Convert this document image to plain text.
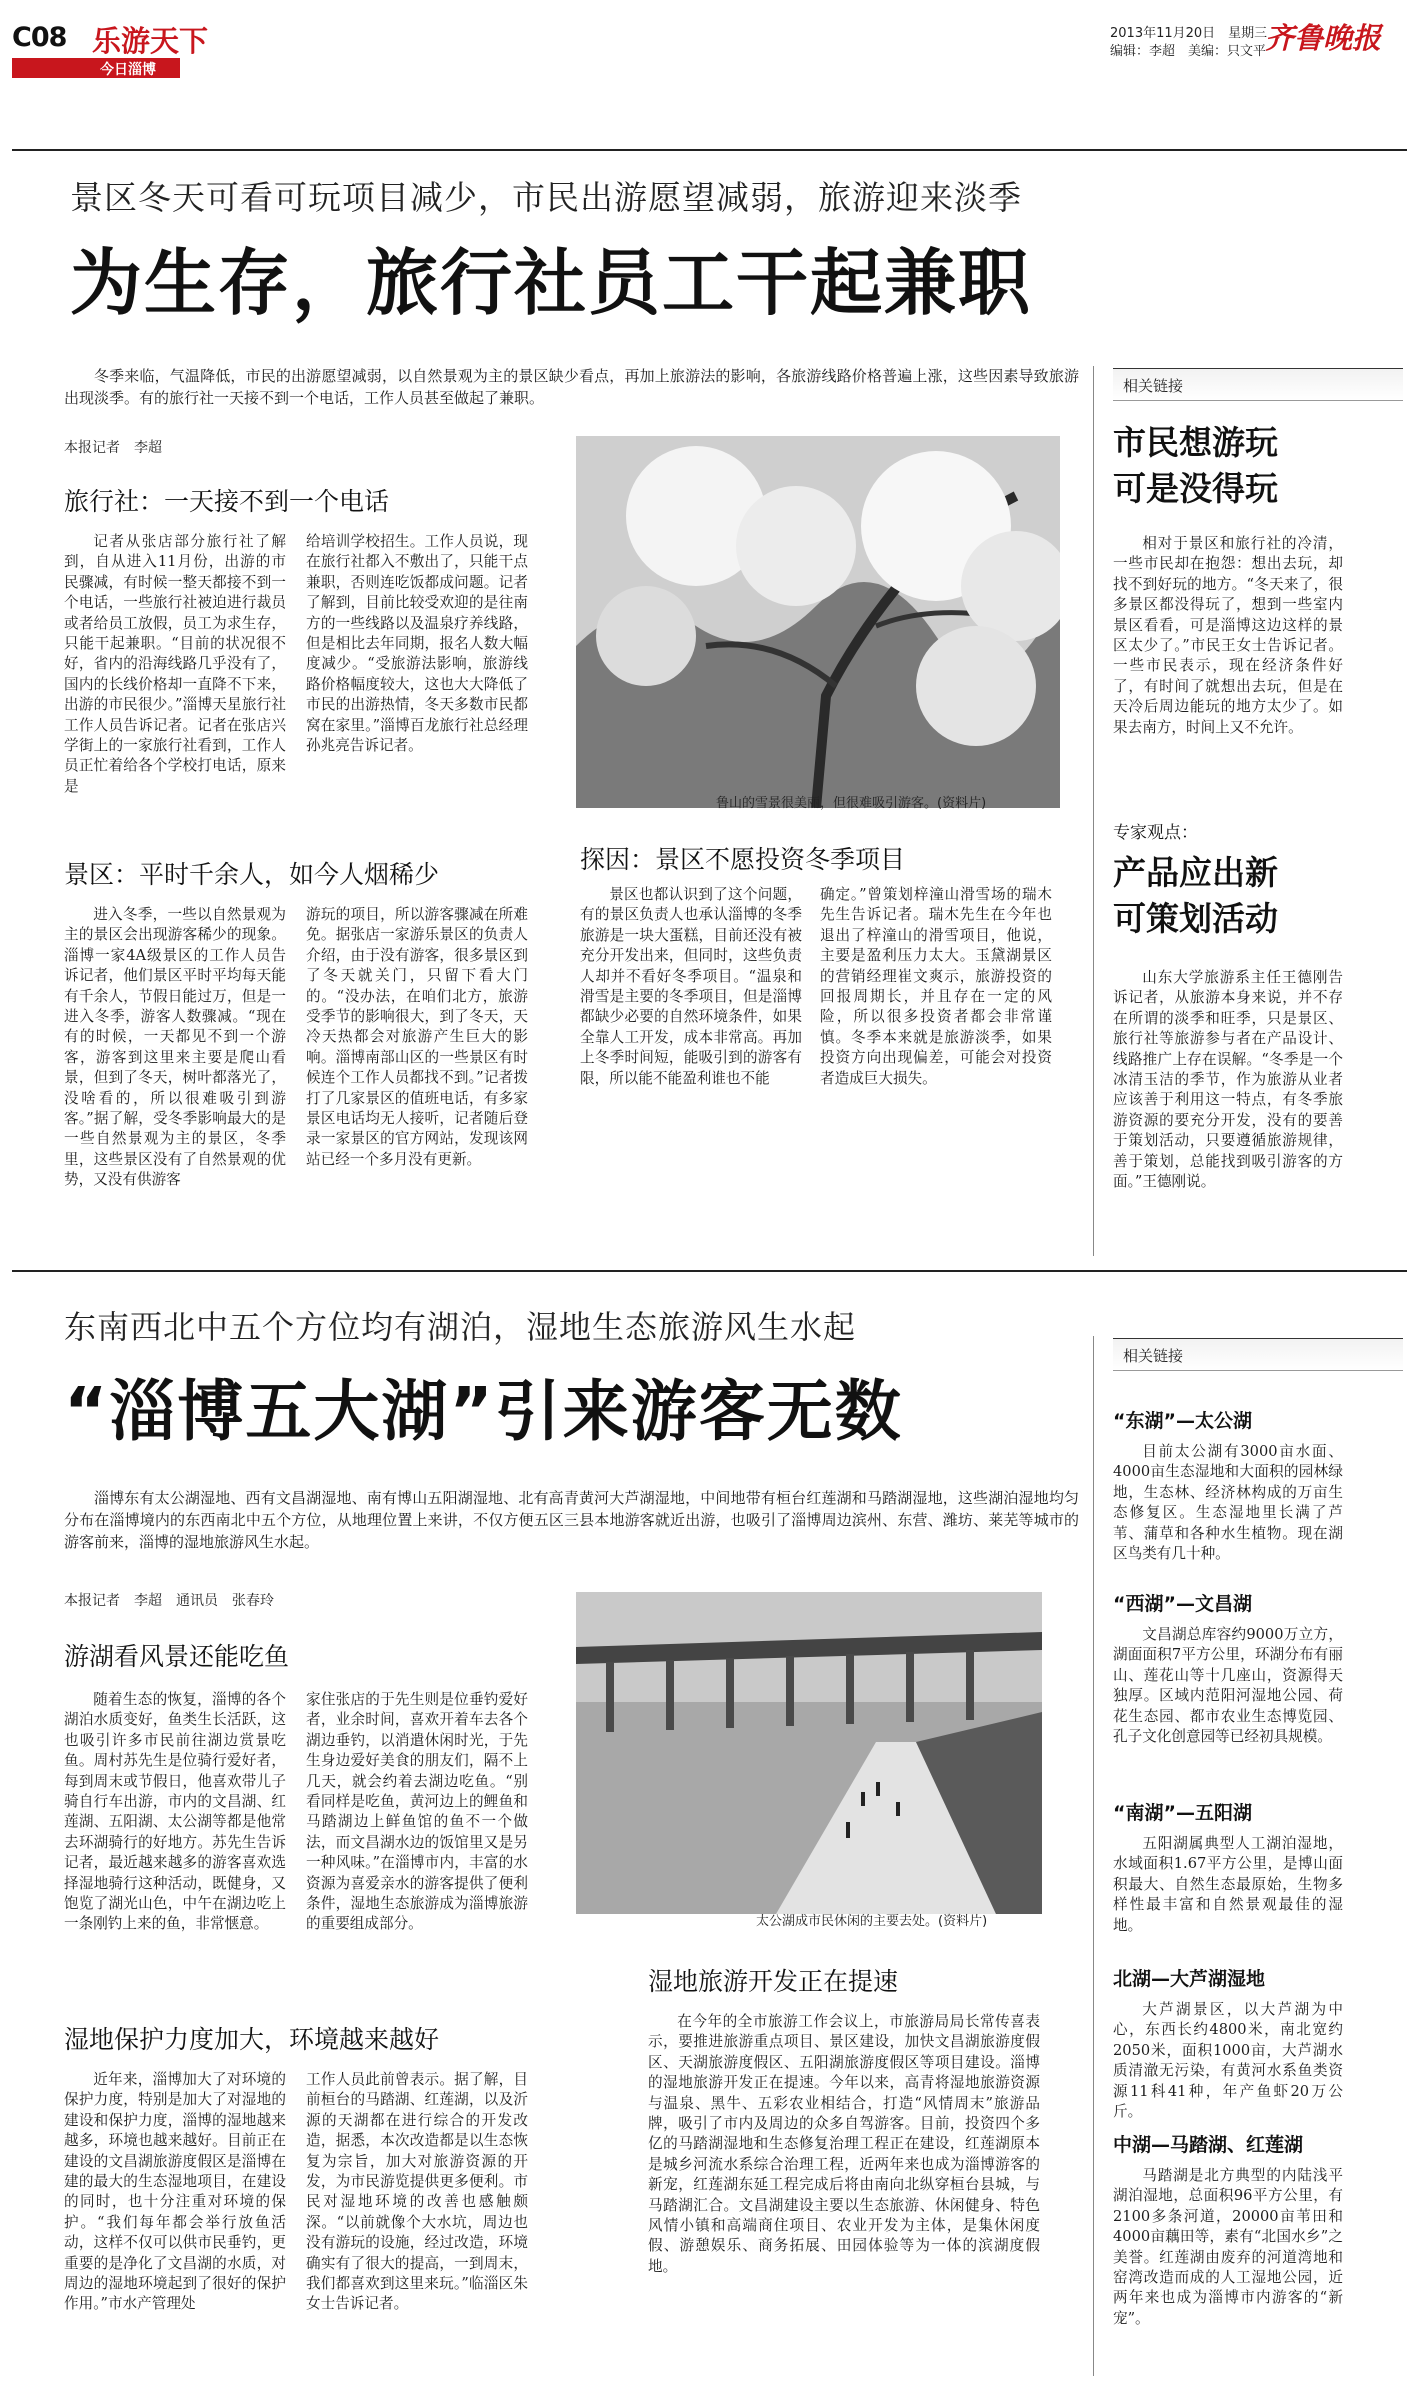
C08 乐游天下
今日淄博
2013年11月20日　星期三
编辑：李超　美编：只文平
齐鲁晚报
景区冬天可看可玩项目减少，市民出游愿望减弱，旅游迎来淡季
为生存，旅行社员工干起兼职
冬季来临，气温降低，市民的出游愿望减弱，以自然景观为主的景区缺少看点，再加上旅游法的影响，各旅游线路价格普遍上涨，这些因素导致旅游出现淡季。有的旅行社一天接不到一个电话，工作人员甚至做起了兼职。
本报记者　李超
旅行社：一天接不到一个电话
记者从张店部分旅行社了解到，自从进入11月份，出游的市民骤减，有时候一整天都接不到一个电话，一些旅行社被迫进行裁员或者给员工放假，员工为求生存，只能干起兼职。“目前的状况很不好，省内的沿海线路几乎没有了，国内的长线价格却一直降不下来，出游的市民很少。”淄博天星旅行社工作人员告诉记者。记者在张店兴学街上的一家旅行社看到，工作人员正忙着给各个学校打电话，原来是
给培训学校招生。工作人员说，现在旅行社都入不敷出了，只能干点兼职，否则连吃饭都成问题。记者了解到，目前比较受欢迎的是往南方的一些线路以及温泉疗养线路，但是相比去年同期，报名人数大幅度减少。“受旅游法影响，旅游线路价格幅度较大，这也大大降低了市民的出游热情，冬天多数市民都窝在家里。”淄博百龙旅行社总经理孙兆亮告诉记者。
鲁山的雪景很美丽，但很难吸引游客。(资料片)
景区：平时千余人，如今人烟稀少
进入冬季，一些以自然景观为主的景区会出现游客稀少的现象。淄博一家4A级景区的工作人员告诉记者，他们景区平时平均每天能有千余人，节假日能过万，但是一进入冬季，游客人数骤减。“现在有的时候，一天都见不到一个游客，游客到这里来主要是爬山看景，但到了冬天，树叶都落光了，没啥看的，所以很难吸引到游客。”据了解，受冬季影响最大的是一些自然景观为主的景区，冬季里，这些景区没有了自然景观的优势，又没有供游客
游玩的项目，所以游客骤减在所难免。据张店一家游乐景区的负责人介绍，由于没有游客，很多景区到了冬天就关门，只留下看大门的。“没办法，在咱们北方，旅游受季节的影响很大，到了冬天，天冷天热都会对旅游产生巨大的影响。淄博南部山区的一些景区有时候连个工作人员都找不到。”记者拨打了几家景区的值班电话，有多家景区电话均无人接听，记者随后登录一家景区的官方网站，发现该网站已经一个多月没有更新。
探因：景区不愿投资冬季项目
景区也都认识到了这个问题，有的景区负责人也承认淄博的冬季旅游是一块大蛋糕，目前还没有被充分开发出来，但同时，这些负责人却并不看好冬季项目。“温泉和滑雪是主要的冬季项目，但是淄博都缺少必要的自然环境条件，如果全靠人工开发，成本非常高。再加上冬季时间短，能吸引到的游客有限，所以能不能盈利谁也不能
确定。”曾策划梓潼山滑雪场的瑞木先生告诉记者。瑞木先生在今年也退出了梓潼山的滑雪项目，他说，主要是盈利压力太大。玉黛湖景区的营销经理崔文爽示，旅游投资的回报周期长，并且存在一定的风险，所以很多投资者都会非常谨慎。冬季本来就是旅游淡季，如果投资方向出现偏差，可能会对投资者造成巨大损失。
相关链接
市民想游玩
可是没得玩
相对于景区和旅行社的冷清，一些市民却在抱怨：想出去玩，却找不到好玩的地方。“冬天来了，很多景区都没得玩了，想到一些室内景区看看，可是淄博这边这样的景区太少了。”市民王女士告诉记者。一些市民表示，现在经济条件好了，有时间了就想出去玩，但是在天冷后周边能玩的地方太少了。如果去南方，时间上又不允许。
专家观点：
产品应出新
可策划活动
山东大学旅游系主任王德刚告诉记者，从旅游本身来说，并不存在所谓的淡季和旺季，只是景区、旅行社等旅游参与者在产品设计、线路推广上存在误解。“冬季是一个冰清玉洁的季节，作为旅游从业者应该善于利用这一特点，有冬季旅游资源的要充分开发，没有的要善于策划活动，只要遵循旅游规律，善于策划，总能找到吸引游客的方面。”王德刚说。
东南西北中五个方位均有湖泊，湿地生态旅游风生水起
“淄博五大湖”引来游客无数
淄博东有太公湖湿地、西有文昌湖湿地、南有博山五阳湖湿地、北有高青黄河大芦湖湿地，中间地带有桓台红莲湖和马踏湖湿地，这些湖泊湿地均匀分布在淄博境内的东西南北中五个方位，从地理位置上来讲，不仅方便五区三县本地游客就近出游，也吸引了淄博周边滨州、东营、潍坊、莱芜等城市的游客前来，淄博的湿地旅游风生水起。
本报记者　李超　通讯员　张春玲
游湖看风景还能吃鱼
随着生态的恢复，淄博的各个湖泊水质变好，鱼类生长活跃，这也吸引许多市民前往湖边赏景吃鱼。周村苏先生是位骑行爱好者，每到周末或节假日，他喜欢带儿子骑自行车出游，市内的文昌湖、红莲湖、五阳湖、太公湖等都是他常去环湖骑行的好地方。苏先生告诉记者，最近越来越多的游客喜欢选择湿地骑行这种活动，既健身，又饱览了湖光山色，中午在湖边吃上一条刚钓上来的鱼，非常惬意。
家住张店的于先生则是位垂钓爱好者，业余时间，喜欢开着车去各个湖边垂钓，以消遣休闲时光，于先生身边爱好美食的朋友们，隔不上几天，就会约着去湖边吃鱼。“别看同样是吃鱼，黄河边上的鲤鱼和马踏湖边上鲜鱼馆的鱼不一个做法，而文昌湖水边的饭馆里又是另一种风味。”在淄博市内，丰富的水资源为喜爱亲水的游客提供了便利条件，湿地生态旅游成为淄博旅游的重要组成部分。	太公湖成市民休闲的主要去处。(资料片)
湿地保护力度加大，环境越来越好
近年来，淄博加大了对环境的保护力度，特别是加大了对湿地的建设和保护力度，淄博的湿地越来越多，环境也越来越好。目前正在建设的文昌湖旅游度假区是淄博在建的最大的生态湿地项目，在建设的同时，也十分注重对环境的保护。“我们每年都会举行放鱼活动，这样不仅可以供市民垂钓，更重要的是净化了文昌湖的水质，对周边的湿地环境起到了很好的保护作用。”市水产管理处
工作人员此前曾表示。据了解，目前桓台的马踏湖、红莲湖，以及沂源的天湖都在进行综合的开发改造，据悉，本次改造都是以生态恢复为宗旨，加大对旅游资源的开发，为市民游览提供更多便利。市民对湿地环境的改善也感触颇深。“以前就像个大水坑，周边也没有游玩的设施，经过改造，环境确实有了很大的提高，一到周末，我们都喜欢到这里来玩。”临淄区朱女士告诉记者。
湿地旅游开发正在提速
在今年的全市旅游工作会议上，市旅游局局长常传喜表示，要推进旅游重点项目、景区建设，加快文昌湖旅游度假区、天湖旅游度假区、五阳湖旅游度假区等项目建设。淄博的湿地旅游开发正在提速。今年以来，高青将湿地旅游资源与温泉、黑牛、五彩农业相结合，打造“风情周末”旅游品牌，吸引了市内及周边的众多自驾游客。目前，投资四个多亿的马踏湖湿地和生态修复治理工程正在建设，红莲湖原本是城乡河流水系综合治理工程，近两年来也成为淄博游客的新宠，红莲湖东延工程完成后将由南向北纵穿桓台县城，与马踏湖汇合。文昌湖建设主要以生态旅游、休闲健身、特色风情小镇和高端商住项目、农业开发为主体，是集休闲度假、游憩娱乐、商务拓展、田园体验等为一体的滨湖度假地。
相关链接
“东湖”—太公湖
目前太公湖有3000亩水面、4000亩生态湿地和大面积的园林绿地，生态林、经济林构成的万亩生态修复区。生态湿地里长满了芦苇、蒲草和各种水生植物。现在湖区鸟类有几十种。
“西湖”—文昌湖
文昌湖总库容约9000万立方，湖面面积7平方公里，环湖分布有丽山、莲花山等十几座山，资源得天独厚。区域内范阳河湿地公园、荷花生态园、都市农业生态博览园、孔子文化创意园等已经初具规模。
“南湖”—五阳湖
五阳湖属典型人工湖泊湿地，水域面积1.67平方公里，是博山面积最大、自然生态最原始，生物多样性最丰富和自然景观最佳的湿地。
北湖—大芦湖湿地
大芦湖景区，以大芦湖为中心，东西长约4800米，南北宽约2050米，面积1000亩，大芦湖水质清澈无污染，有黄河水系鱼类资源11科41种，年产鱼虾20万公斤。
中湖—马踏湖、红莲湖
马踏湖是北方典型的内陆浅平湖泊湿地，总面积96平方公里，有2100多条河道，20000亩苇田和4000亩藕田等，素有“北国水乡”之美誉。红莲湖由废弃的河道湾地和窑湾改造而成的人工湿地公园，近两年来也成为淄博市内游客的“新宠”。
